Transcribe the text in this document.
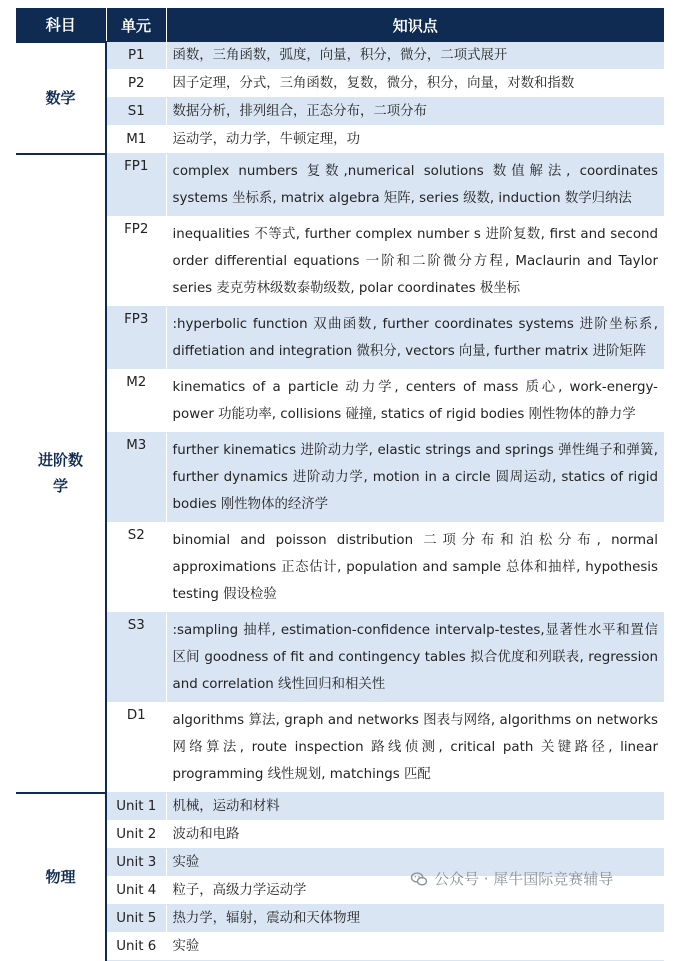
科目	单元	知识点
数学	P1	函数，三角函数，弧度，向量，积分，微分，二项式展开
	P2	因子定理，分式，三角函数，复数，微分，积分，向量，对数和指数
	S1	数据分析，排列组合，正态分布，二项分布
	M1	运动学，动力学，牛顿定理，功
进阶数学	FP1	complex numbers 复数,numerical solutions 数值解法, coordinates systems 坐标系, matrix algebra 矩阵, series 级数, induction 数学归纳法
	FP2	inequalities 不等式, further complex number s 进阶复数, first and second order differential equations 一阶和二阶微分方程, Maclaurin and Taylor series 麦克劳林级数泰勒级数, polar coordinates 极坐标
	FP3	:hyperbolic function 双曲函数, further coordinates systems 进阶坐标系, diffetiation and integration 微积分, vectors 向量, further matrix 进阶矩阵
	M2	kinematics of a particle 动力学, centers of mass 质心, work-energy-power 功能功率, collisions 碰撞, statics of rigid bodies 刚性物体的静力学
	M3	further kinematics 进阶动力学, elastic strings and springs 弹性绳子和弹簧, further dynamics 进阶动力学, motion in a circle 圆周运动, statics of rigid bodies 刚性物体的经济学
	S2	binomial and poisson distribution 二项分布和泊松分布, normal approximations 正态估计, population and sample 总体和抽样, hypothesis testing 假设检验
	S3	:sampling 抽样, estimation-confidence intervalp-testes,显著性水平和置信区间 goodness of fit and contingency tables 拟合优度和列联表, regression and correlation 线性回归和相关性
	D1	algorithms 算法, graph and networks 图表与网络, algorithms on networks 网络算法, route inspection 路线侦测, critical path 关键路径, linear programming 线性规划, matchings 匹配
物理	Unit 1	机械，运动和材料
	Unit 2	波动和电路
	Unit 3	实验
	Unit 4	粒子，高级力学运动学
	Unit 5	热力学，辐射，震动和天体物理
	Unit 6	实验
公众号 · 犀牛国际竞赛辅导
